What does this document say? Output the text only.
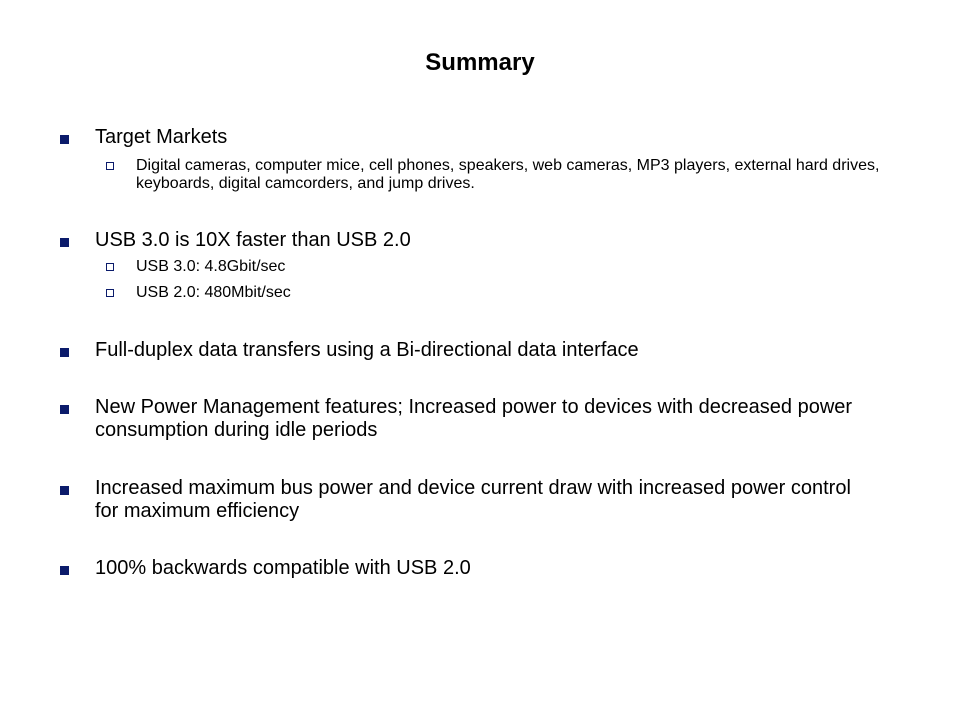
Summary
Target Markets
Digital cameras, computer mice, cell phones, speakers, web cameras, MP3 players, external hard drives, keyboards, digital camcorders, and jump drives.
USB 3.0 is 10X faster than USB 2.0
USB 3.0: 4.8Gbit/sec
USB 2.0: 480Mbit/sec
Full-duplex data transfers using a Bi-directional data interface
New Power Management features; Increased power to devices with decreased power consumption during idle periods
Increased maximum bus power and device current draw with increased power control for maximum efficiency
100% backwards compatible with USB 2.0
